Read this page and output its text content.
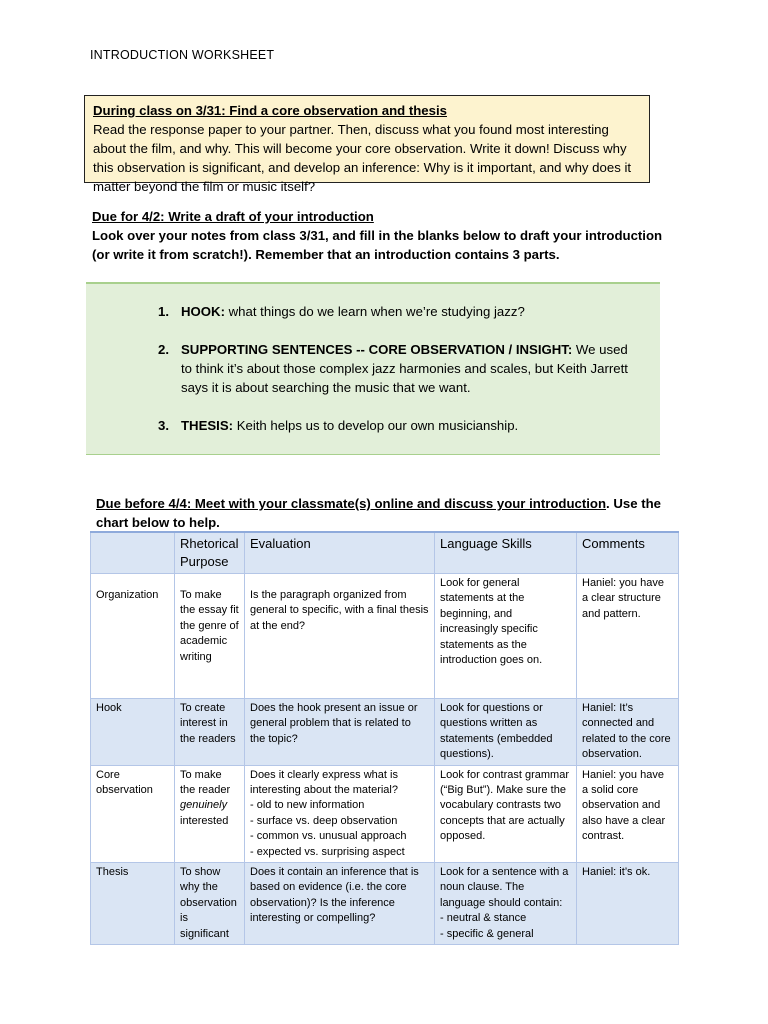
INTRODUCTION WORKSHEET
During class on 3/31: Find a core observation and thesis
Read the response paper to your partner. Then, discuss what you found most interesting about the film, and why. This will become your core observation. Write it down! Discuss why this observation is significant, and develop an inference: Why is it important, and why does it matter beyond the film or music itself?
Due for 4/2: Write a draft of your introduction
Look over your notes from class 3/31, and fill in the blanks below to draft your introduction (or write it from scratch!). Remember that an introduction contains 3 parts.
1. HOOK: what things do we learn when we’re studying jazz?
2. SUPPORTING SENTENCES -- CORE OBSERVATION / INSIGHT: We used to think it’s about those complex jazz harmonies and scales, but Keith Jarrett says it is about searching the music that we want.
3. THESIS: Keith helps us to develop our own musicianship.
Due before 4/4: Meet with your classmate(s) online and discuss your introduction. Use the chart below to help.
	Rhetorical Purpose	Evaluation	Language Skills	Comments
Organization	To make the essay fit the genre of academic writing	Is the paragraph organized from general to specific, with a final thesis at the end?	Look for general statements at the beginning, and increasingly specific statements as the introduction goes on.	Haniel: you have a clear structure and pattern.
Hook	To create interest in the readers	Does the hook present an issue or general problem that is related to the topic?	Look for questions or questions written as statements (embedded questions).	Haniel: It’s connected and related to the core observation.
Core observation	To make the reader genuinely interested	Does it clearly express what is interesting about the material?
- old to new information
- surface vs. deep observation
- common vs. unusual approach
- expected vs. surprising aspect	Look for contrast grammar (“Big But”). Make sure the vocabulary contrasts two concepts that are actually opposed.	Haniel: you have a solid core observation and also have a clear contrast.
Thesis	To show why the observation is significant	Does it contain an inference that is based on evidence (i.e. the core observation)? Is the inference interesting or compelling?	Look for a sentence with a noun clause. The language should contain:
- neutral & stance
- specific & general	Haniel: it’s ok.
